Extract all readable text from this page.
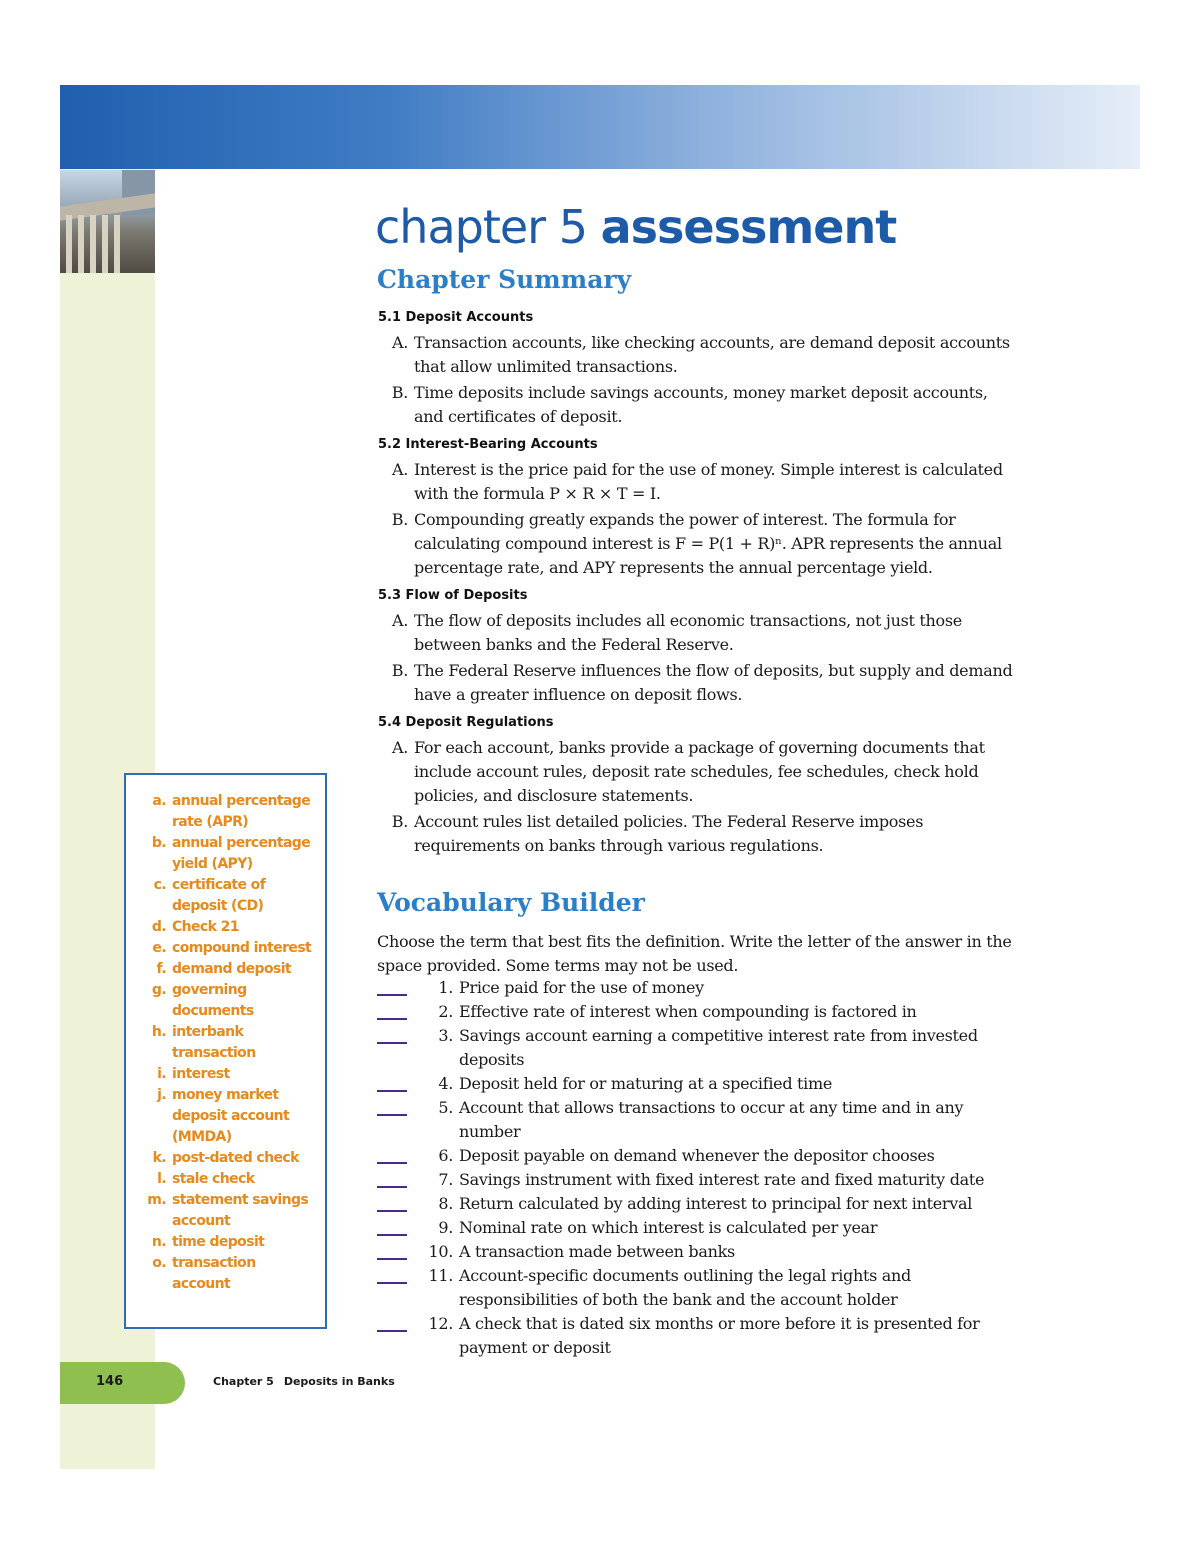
chapter 5 assessment
Chapter Summary

5.1 Deposit Accounts

A. Transaction accounts, like checking accounts, are demand deposit accounts that allow unlimited transactions.
B. Time deposits include savings accounts, money market deposit accounts, and certificates of deposit.

5.2 Interest-Bearing Accounts

A. Interest is the price paid for the use of money. Simple interest is calculated with the formula P × R × T = I.
B. Compounding greatly expands the power of interest. The formula for calculating compound interest is F = P(1 + R)ⁿ. APR represents the annual percentage rate, and APY represents the annual percentage yield.

5.3 Flow of Deposits

A. The flow of deposits includes all economic transactions, not just those between banks and the Federal Reserve.
B. The Federal Reserve influences the flow of deposits, but supply and demand have a greater influence on deposit flows.

5.4 Deposit Regulations

A. For each account, banks provide a package of governing documents that include account rules, deposit rate schedules, fee schedules, check hold policies, and disclosure statements.
B. Account rules list detailed policies. The Federal Reserve imposes requirements on banks through various regulations.
Vocabulary Builder

Choose the term that best fits the definition. Write the letter of the answer in the space provided. Some terms may not be used.

1. Price paid for the use of money
2. Effective rate of interest when compounding is factored in
3. Savings account earning a competitive interest rate from invested deposits
4. Deposit held for or maturing at a specified time
5. Account that allows transactions to occur at any time and in any number
6. Deposit payable on demand whenever the depositor chooses
7. Savings instrument with fixed interest rate and fixed maturity date
8. Return calculated by adding interest to principal for next interval
9. Nominal rate on which interest is calculated per year
10. A transaction made between banks
11. Account-specific documents outlining the legal rights and responsibilities of both the bank and the account holder
12. A check that is dated six months or more before it is presented for payment or deposit
a. annual percentage rate (APR)
b. annual percentage yield (APY)
c. certificate of deposit (CD)
d. Check 21
e. compound interest
f. demand deposit
g. governing documents
h. interbank transaction
i. interest
j. money market deposit account (MMDA)
k. post-dated check
l. stale check
m. statement savings account
n. time deposit
o. transaction account

146	Chapter 5 Deposits in Banks
